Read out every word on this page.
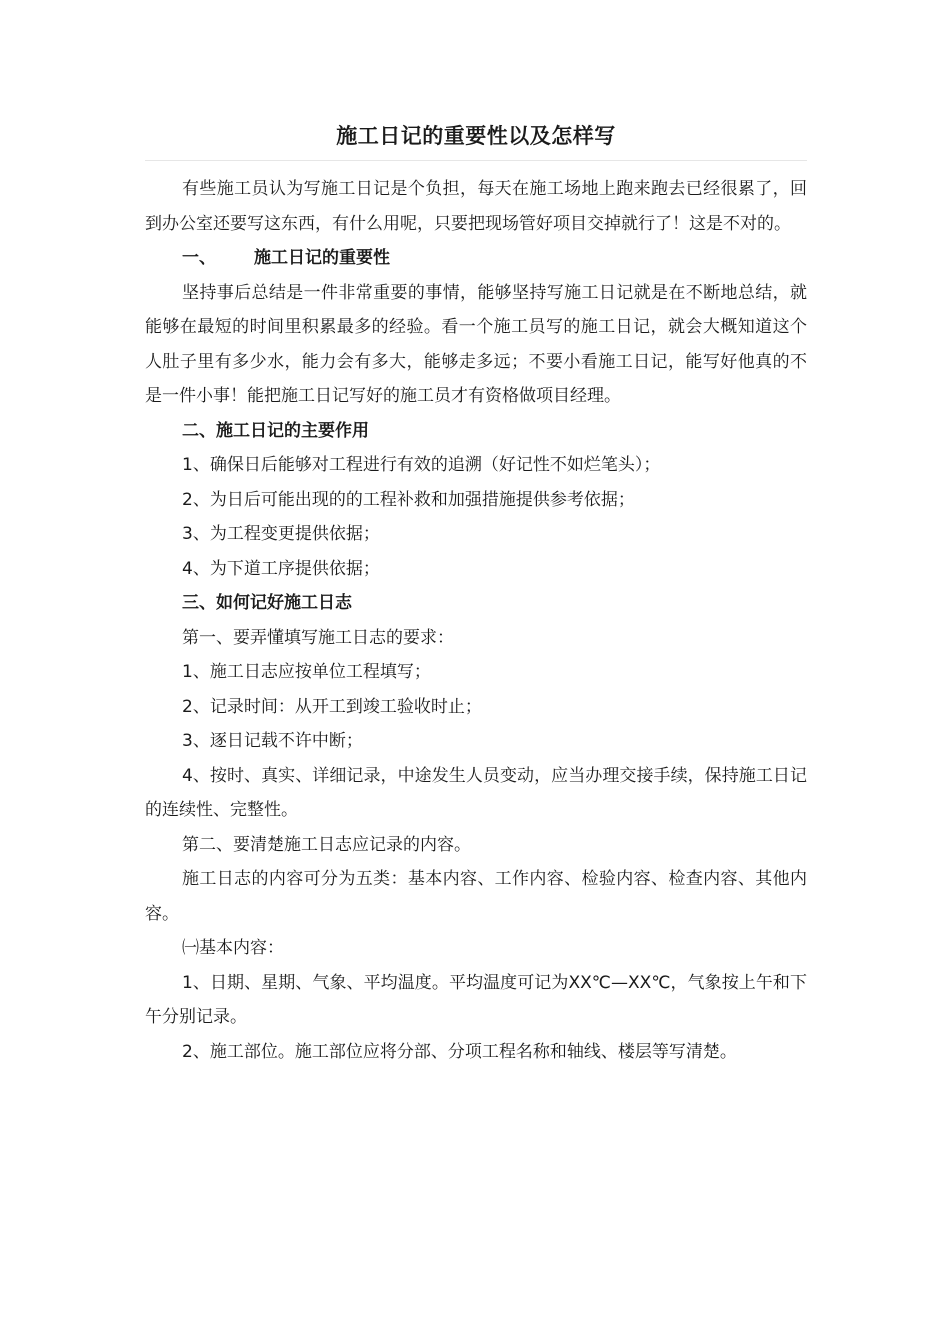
施工日记的重要性以及怎样写

有些施工员认为写施工日记是个负担，每天在施工场地上跑来跑去已经很累了，回到办公室还要写这东西，有什么用呢，只要把现场管好项目交掉就行了！这是不对的。

一、 施工日记的重要性

坚持事后总结是一件非常重要的事情，能够坚持写施工日记就是在不断地总结，就能够在最短的时间里积累最多的经验。看一个施工员写的施工日记，就会大概知道这个人肚子里有多少水，能力会有多大，能够走多远；不要小看施工日记，能写好他真的不是一件小事！能把施工日记写好的施工员才有资格做项目经理。

二、施工日记的主要作用

1、确保日后能够对工程进行有效的追溯（好记性不如烂笔头）；

2、为日后可能出现的的工程补救和加强措施提供参考依据；

3、为工程变更提供依据；

4、为下道工序提供依据；

三、如何记好施工日志

第一、要弄懂填写施工日志的要求：

1、施工日志应按单位工程填写；

2、记录时间：从开工到竣工验收时止；

3、逐日记载不许中断；

4、按时、真实、详细记录，中途发生人员变动，应当办理交接手续，保持施工日记的连续性、完整性。

第二、要清楚施工日志应记录的内容。

施工日志的内容可分为五类：基本内容、工作内容、检验内容、检查内容、其他内容。

㈠基本内容：

1、日期、星期、气象、平均温度。平均温度可记为XX℃—XX℃，气象按上午和下午分别记录。

2、施工部位。施工部位应将分部、分项工程名称和轴线、楼层等写清楚。
